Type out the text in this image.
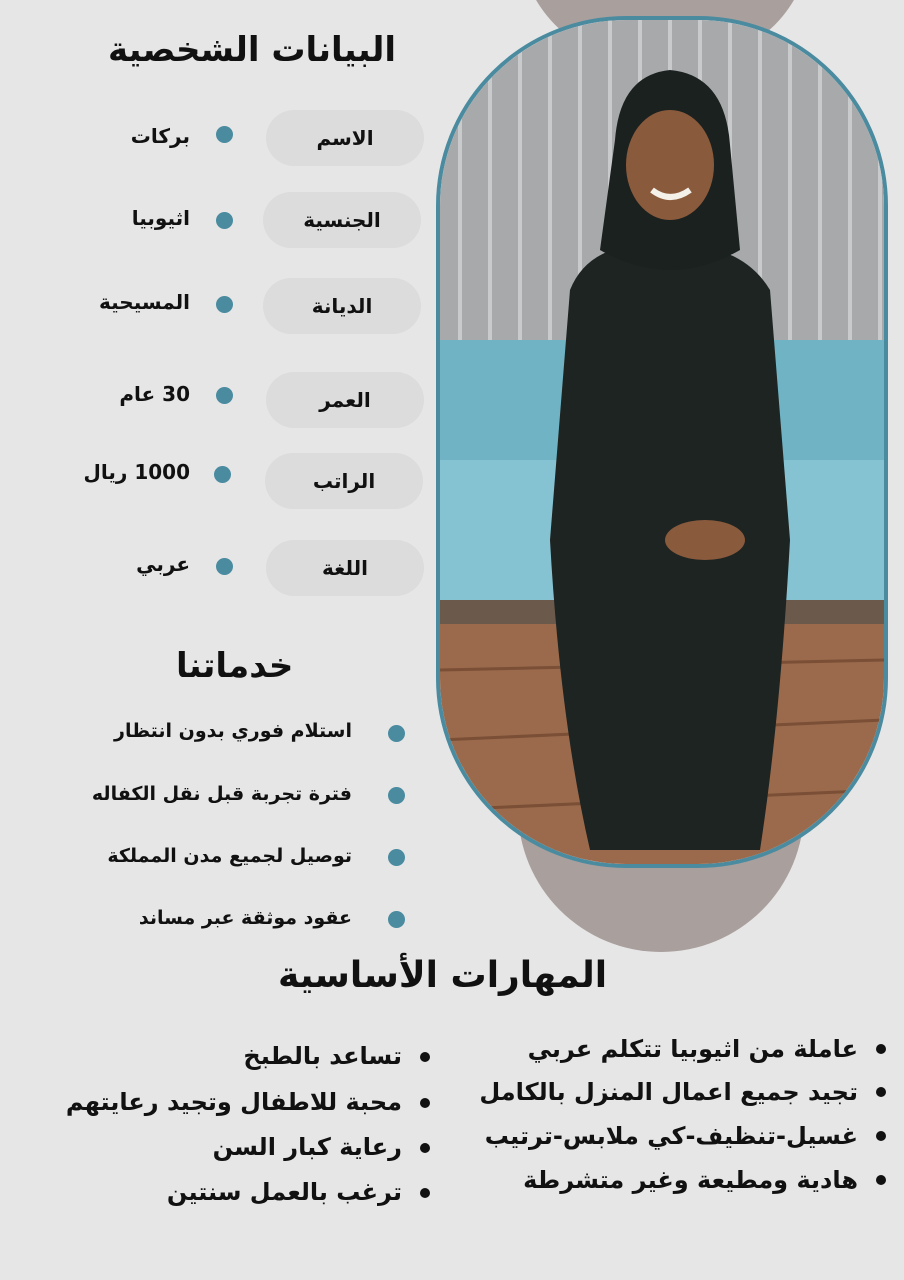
البيانات الشخصية
الاسم
بركات
الجنسية
اثيوبيا
الديانة
المسيحية
العمر
30 عام
الراتب
1000 ريال
اللغة
عربي
خدماتنا
استلام فوري بدون انتظار
فترة تجربة قبل نقل الكفاله
توصيل لجميع مدن المملكة
عقود موثقة عبر مساند
المهارات الأساسية
عاملة من اثيوبيا تتكلم عربي
تجيد جميع اعمال المنزل بالكامل
غسيل-تنظيف-كي ملابس-ترتيب
هادية ومطيعة وغير متشرطة
تساعد بالطبخ
محبة للاطفال وتجيد رعايتهم
رعاية كبار السن
ترغب بالعمل سنتين
